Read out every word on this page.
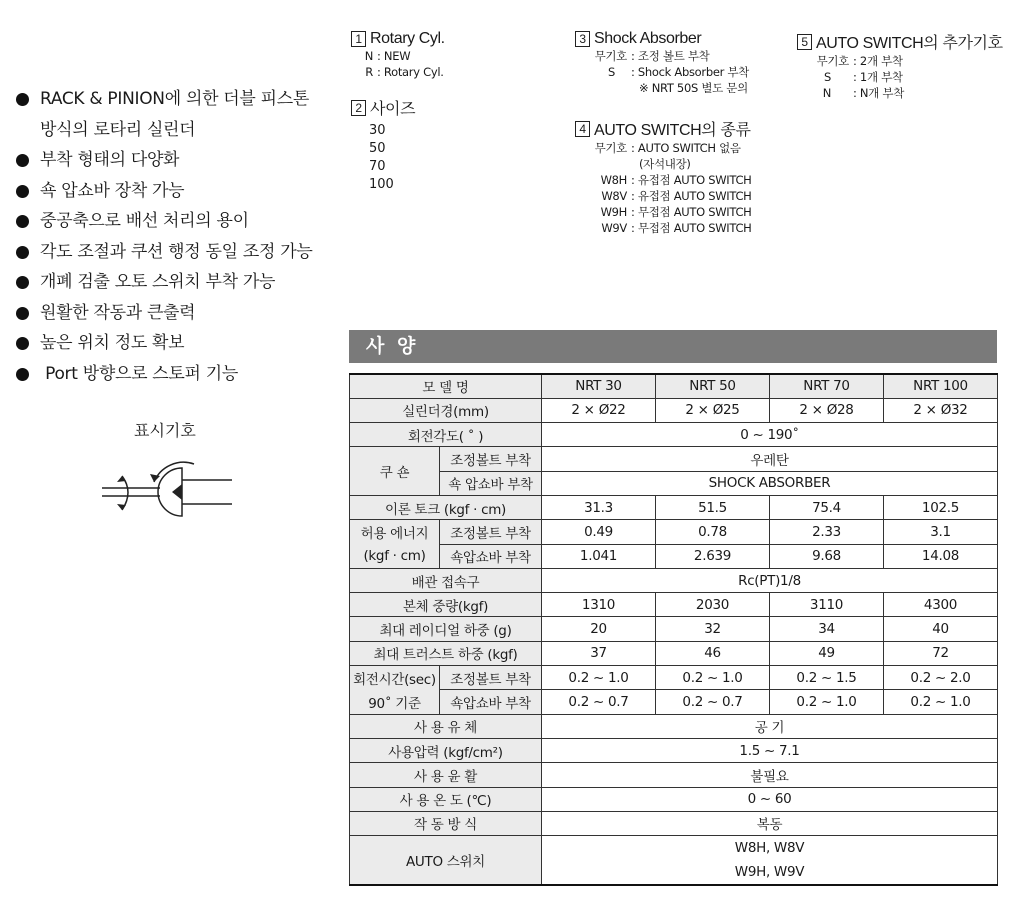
RACK & PINION에 의한 더블 피스톤
방식의 로타리 실린더
부착 형태의 다양화
쇽 압쇼바 장착 가능
중공축으로 배선 처리의 용이
각도 조절과 쿠션 행정 동일 조정 가능
개폐 검출 오토 스위치 부착 가능
원활한 작동과 큰출력
높은 위치 정도 확보
Port 방향으로 스토퍼 기능
표시기호
1 Rotary Cyl.
N : NEW
R : Rotary Cyl.
2 사이즈
30
50
70
100
3 Shock Absorber
무기호 : 조정 볼트 부착
S	: Shock Absorber 부착
※ NRT 50S 별도 문의
4 AUTO SWITCH의 종류
무기호 : AUTO SWITCH 없음
(자석내장)
W8H : 유접점 AUTO SWITCH
W8V : 유접점 AUTO SWITCH
W9H : 무접점 AUTO SWITCH
W9V : 무접점 AUTO SWITCH
5 AUTO SWITCH의 추가기호
무기호 : 2개 부착
S	: 1개 부착
N	: N개 부착
사 양
모 델 명		NRT 30	NRT 50	NRT 70	NRT 100
실린더경(mm)		2 × Ø22	2 × Ø25	2 × Ø28	2 × Ø32
회전각도( ˚ )		0 ~ 190˚			
쿠 숀	조정볼트 부착	우레탄			
	쇽 압쇼바 부착	SHOCK ABSORBER			
이론 토크 (kgf · cm)		31.3	51.5	75.4	102.5
허용 에너지	조정볼트 부착	0.49	0.78	2.33	3.1
(kgf · cm)	쇽압쇼바 부착	1.041	2.639	9.68	14.08
배관 접속구		Rc(PT)1/8			
본체 중량(kgf)		1310	2030	3110	4300
최대 레이디얼 하중 (g)		20	32	34	40
최대 트러스트 하중 (kgf)		37	46	49	72
회전시간(sec)	조정볼트 부착	0.2 ~ 1.0	0.2 ~ 1.0	0.2 ~ 1.5	0.2 ~ 2.0
90˚ 기준	쇽압쇼바 부착	0.2 ~ 0.7	0.2 ~ 0.7	0.2 ~ 1.0	0.2 ~ 1.0
사 용 유 체		공 기			
사용압력 (kgf/cm²)		1.5 ~ 7.1			
사 용 윤 활		불필요			
사 용 온 도 (℃)		0 ~ 60			
작 동 방 식		복동			
AUTO 스위치		W8H, W8V
W9H, W9V			
